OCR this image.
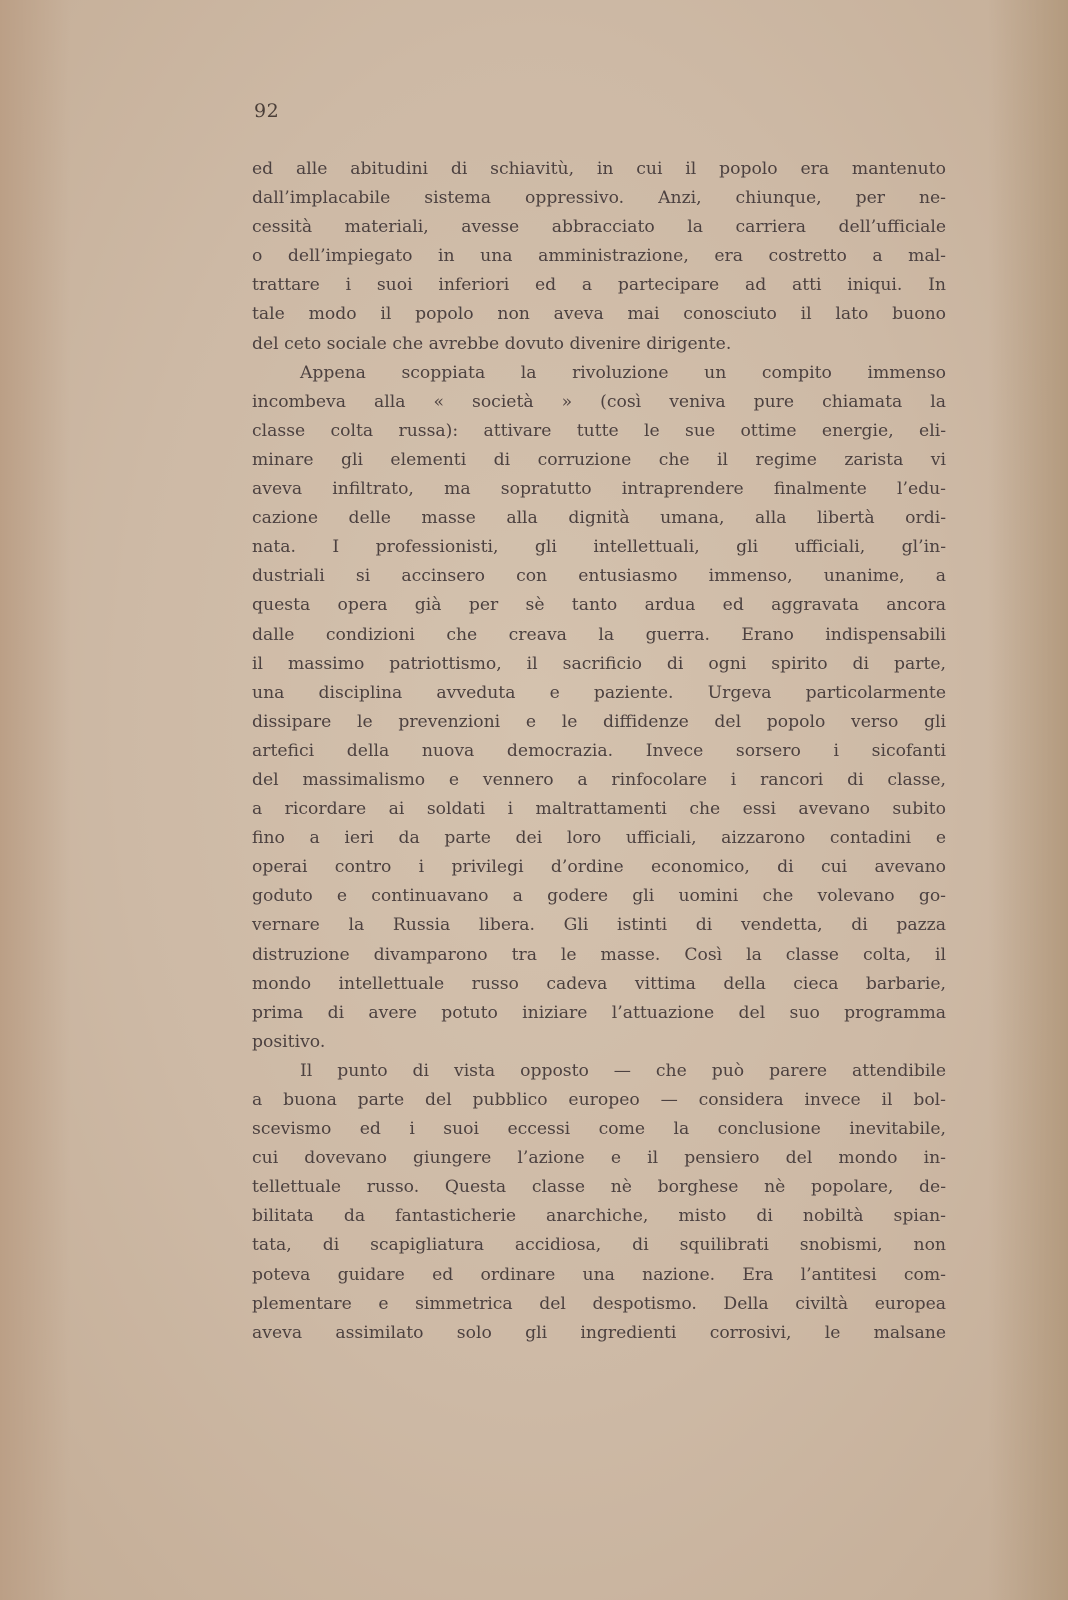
92
ed alle abitudini di schiavitù, in cui il popolo era mantenuto
dall’implacabile sistema oppressivo. Anzi, chiunque, per ne-
cessità materiali, avesse abbracciato la carriera dell’ufficiale
o dell’impiegato in una amministrazione, era costretto a mal-
trattare i suoi inferiori ed a partecipare ad atti iniqui. In
tale modo il popolo non aveva mai conosciuto il lato buono
del ceto sociale che avrebbe dovuto divenire dirigente.
Appena scoppiata la rivoluzione un compito immenso
incombeva alla « società » (così veniva pure chiamata la
classe colta russa): attivare tutte le sue ottime energie, eli-
minare gli elementi di corruzione che il regime zarista vi
aveva infiltrato, ma sopratutto intraprendere finalmente l’edu-
cazione delle masse alla dignità umana, alla libertà ordi-
nata. I professionisti, gli intellettuali, gli ufficiali, gl’in-
dustriali si accinsero con entusiasmo immenso, unanime, a
questa opera già per sè tanto ardua ed aggravata ancora
dalle condizioni che creava la guerra. Erano indispensabili
il massimo patriottismo, il sacrificio di ogni spirito di parte,
una disciplina avveduta e paziente. Urgeva particolarmente
dissipare le prevenzioni e le diffidenze del popolo verso gli
artefici della nuova democrazia. Invece sorsero i sicofanti
del massimalismo e vennero a rinfocolare i rancori di classe,
a ricordare ai soldati i maltrattamenti che essi avevano subito
fino a ieri da parte dei loro ufficiali, aizzarono contadini e
operai contro i privilegi d’ordine economico, di cui avevano
goduto e continuavano a godere gli uomini che volevano go-
vernare la Russia libera. Gli istinti di vendetta, di pazza
distruzione divamparono tra le masse. Così la classe colta, il
mondo intellettuale russo cadeva vittima della cieca barbarie,
prima di avere potuto iniziare l’attuazione del suo programma
positivo.
Il punto di vista opposto — che può parere attendibile
a buona parte del pubblico europeo — considera invece il bol-
scevismo ed i suoi eccessi come la conclusione inevitabile,
cui dovevano giungere l’azione e il pensiero del mondo in-
tellettuale russo. Questa classe nè borghese nè popolare, de-
bilitata da fantasticherie anarchiche, misto di nobiltà spian-
tata, di scapigliatura accidiosa, di squilibrati snobismi, non
poteva guidare ed ordinare una nazione. Era l’antitesi com-
plementare e simmetrica del despotismo. Della civiltà europea
aveva assimilato solo gli ingredienti corrosivi, le malsane
